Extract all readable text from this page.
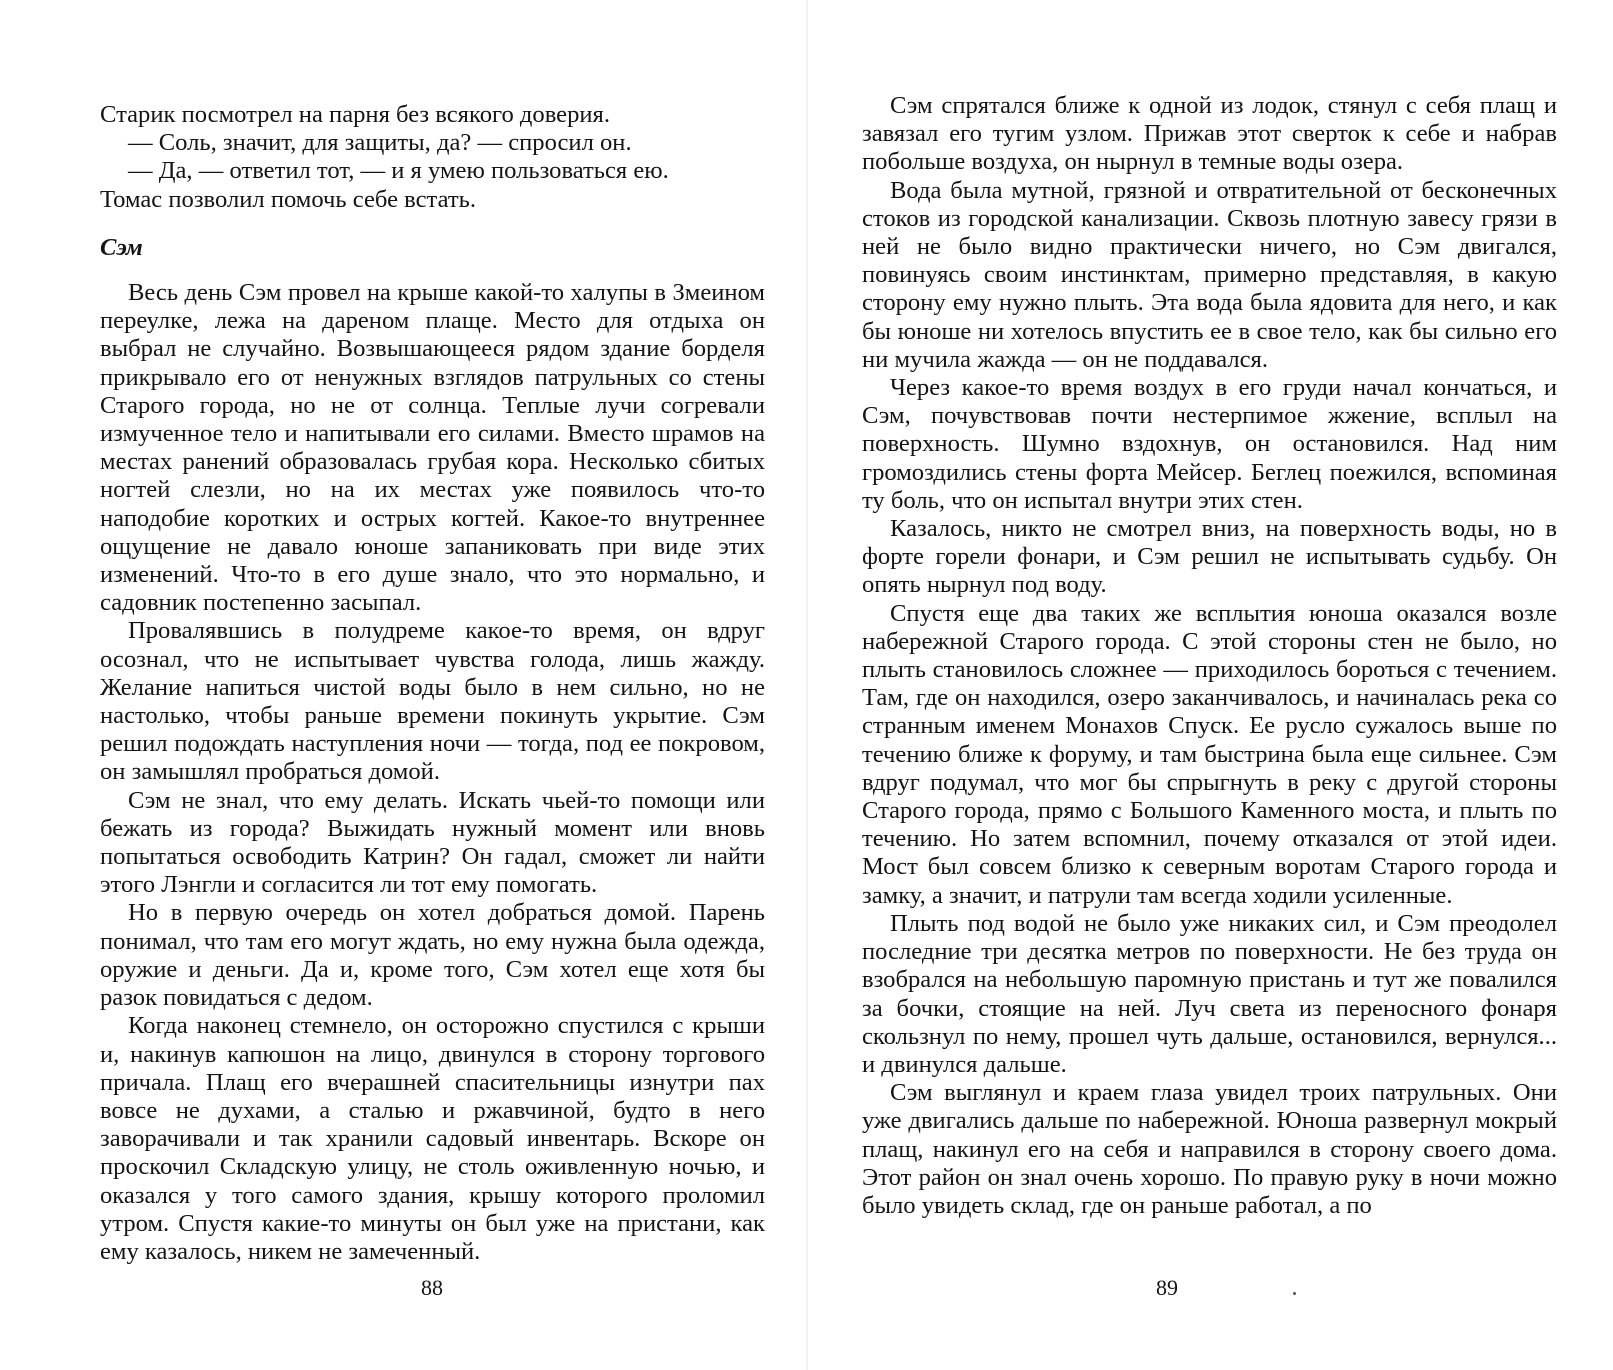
Старик посмотрел на парня без всякого доверия.

— Соль, значит, для защиты, да? — спросил он.

— Да, — ответил тот, — и я умею пользоваться ею.

Томас позволил помочь себе встать.

Сэм

Весь день Сэм провел на крыше какой-то халупы в Змеином переулке, лежа на дареном плаще. Место для отдыха он выбрал не случайно. Возвышающееся рядом здание борделя прикрывало его от ненужных взглядов патрульных со стены Старого города, но не от солнца. Теплые лучи согревали измученное тело и напитывали его силами. Вместо шрамов на местах ранений образовалась грубая кора. Несколько сбитых ногтей слезли, но на их местах уже появилось что-то наподобие коротких и острых когтей. Какое-то внутреннее ощущение не давало юноше запаниковать при виде этих изменений. Что-то в его душе знало, что это нормально, и садовник постепенно засыпал.

Провалявшись в полудреме какое-то время, он вдруг осознал, что не испытывает чувства голода, лишь жажду. Желание напиться чистой воды было в нем сильно, но не настолько, чтобы раньше времени покинуть укрытие. Сэм решил подождать наступления ночи — тогда, под ее покровом, он замышлял пробраться домой.

Сэм не знал, что ему делать. Искать чьей-то помощи или бежать из города? Выжидать нужный момент или вновь попытаться освободить Катрин? Он гадал, сможет ли найти этого Лэнгли и согласится ли тот ему помогать.

Но в первую очередь он хотел добраться домой. Парень понимал, что там его могут ждать, но ему нужна была одежда, оружие и деньги. Да и, кроме того, Сэм хотел еще хотя бы разок повидаться с дедом.

Когда наконец стемнело, он осторожно спустился с крыши и, накинув капюшон на лицо, двинулся в сторону торгового причала. Плащ его вчерашней спасительницы изнутри пах вовсе не духами, а сталью и ржавчиной, будто в него заворачивали и так хранили садовый инвентарь. Вскоре он проскочил Складскую улицу, не столь оживленную ночью, и оказался у того самого здания, крышу которого проломил утром. Спустя какие-то минуты он был уже на пристани, как ему казалось, никем не замеченный.

88

Сэм спрятался ближе к одной из лодок, стянул с себя плащ и завязал его тугим узлом. Прижав этот сверток к себе и набрав побольше воздуха, он нырнул в темные воды озера.

Вода была мутной, грязной и отвратительной от бесконечных стоков из городской канализации. Сквозь плотную завесу грязи в ней не было видно практически ничего, но Сэм двигался, повинуясь своим инстинктам, примерно представляя, в какую сторону ему нужно плыть. Эта вода была ядовита для него, и как бы юноше ни хотелось впустить ее в свое тело, как бы сильно его ни мучила жажда — он не поддавался.

Через какое-то время воздух в его груди начал кончаться, и Сэм, почувствовав почти нестерпимое жжение, всплыл на поверхность. Шумно вздохнув, он остановился. Над ним громоздились стены форта Мейсер. Беглец поежился, вспоминая ту боль, что он испытал внутри этих стен.

Казалось, никто не смотрел вниз, на поверхность воды, но в форте горели фонари, и Сэм решил не испытывать судьбу. Он опять нырнул под воду.

Спустя еще два таких же всплытия юноша оказался возле набережной Старого города. С этой стороны стен не было, но плыть становилось сложнее — приходилось бороться с течением. Там, где он находился, озеро заканчивалось, и начиналась река со странным именем Монахов Спуск. Ее русло сужалось выше по течению ближе к форуму, и там быстрина была еще сильнее. Сэм вдруг подумал, что мог бы спрыгнуть в реку с другой стороны Старого города, прямо с Большого Каменного моста, и плыть по течению. Но затем вспомнил, почему отказался от этой идеи. Мост был совсем близко к северным воротам Старого города и замку, а значит, и патрули там всегда ходили усиленные.

Плыть под водой не было уже никаких сил, и Сэм преодолел последние три десятка метров по поверхности. Не без труда он взобрался на небольшую паромную пристань и тут же повалился за бочки, стоящие на ней. Луч света из переносного фонаря скользнул по нему, прошел чуть дальше, остановился, вернулся... и двинулся дальше.

Сэм выглянул и краем глаза увидел троих патрульных. Они уже двигались дальше по набережной. Юноша развернул мокрый плащ, накинул его на себя и направился в сторону своего дома. Этот район он знал очень хорошо. По правую руку в ночи можно было увидеть склад, где он раньше работал, а по

89
